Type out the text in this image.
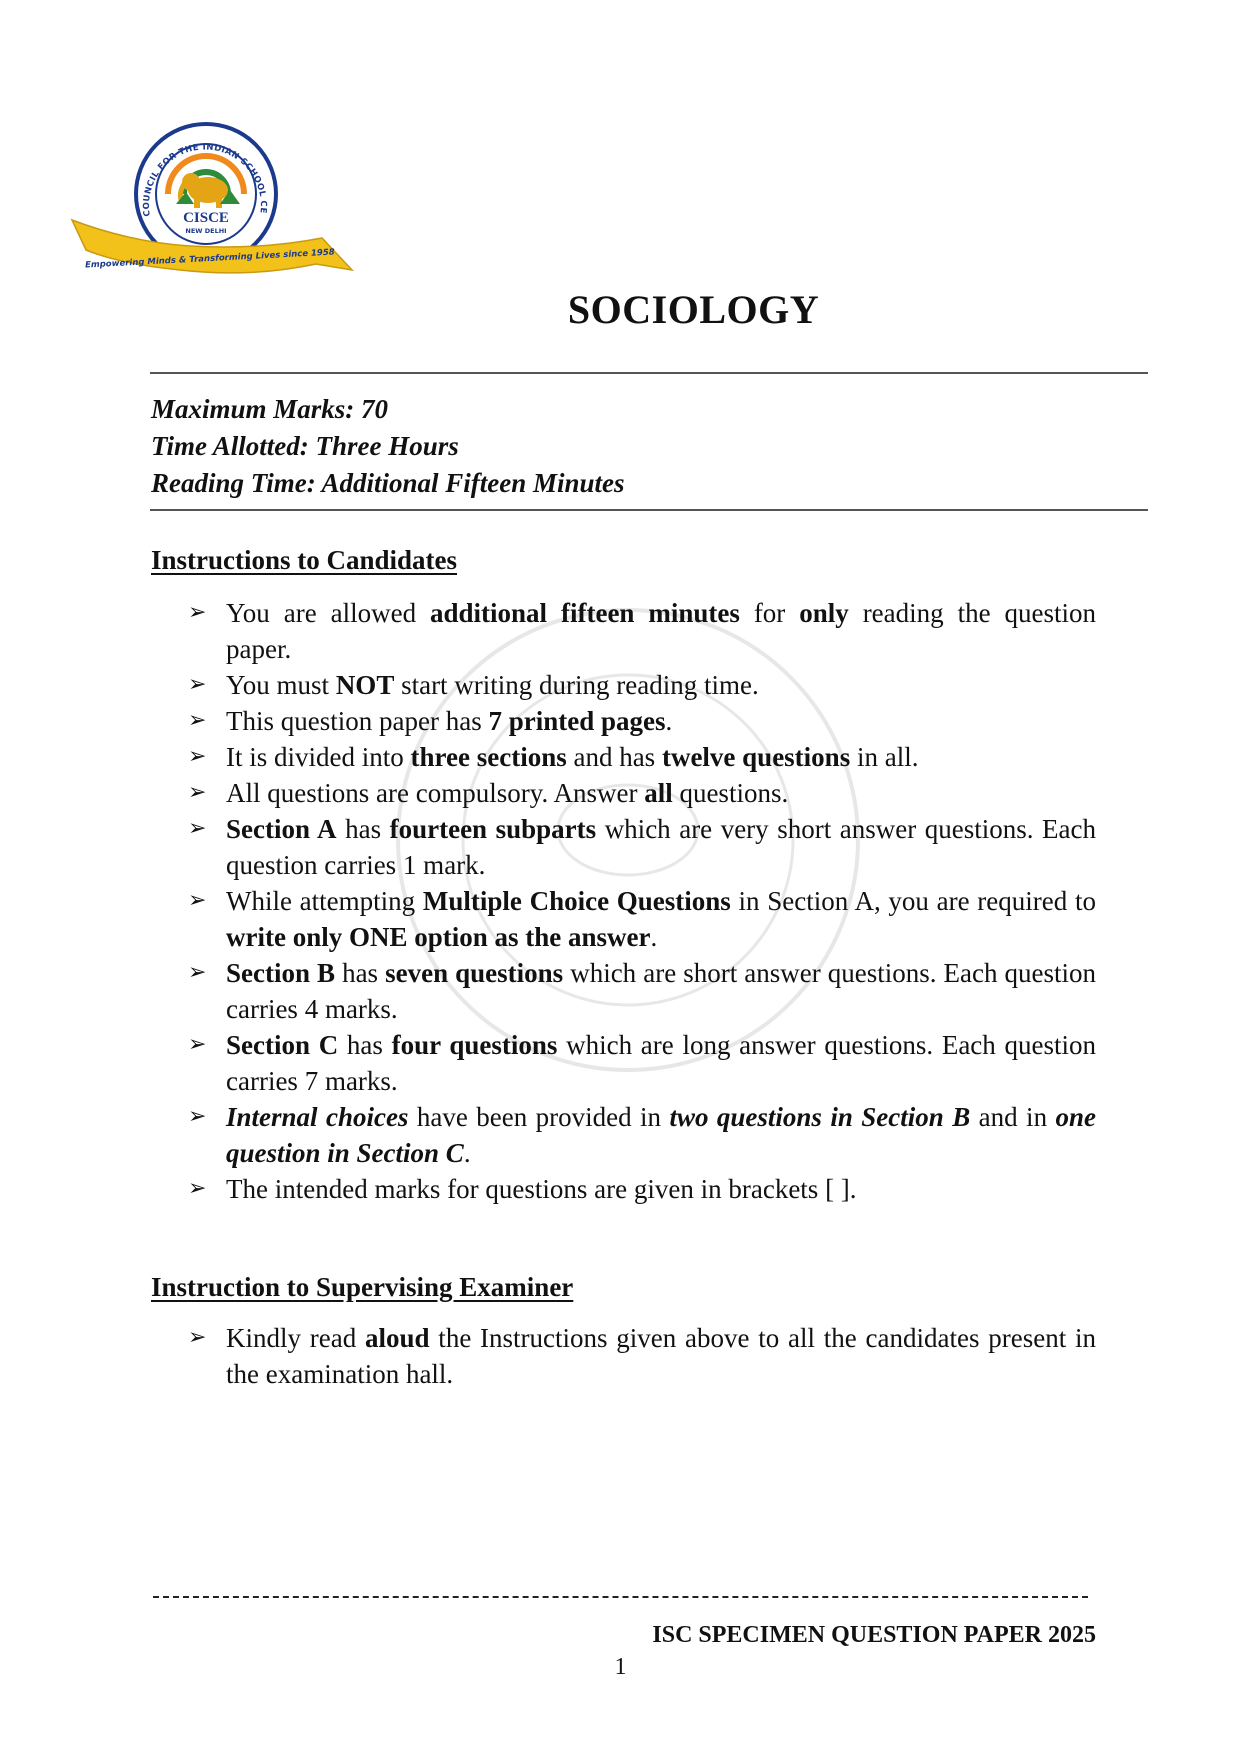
COUNCIL FOR THE INDIAN SCHOOL CE
CISCE
NEW DELHI
Empowering Minds & Transforming Lives since 1958
SOCIOLOGY
Maximum Marks: 70
Time Allotted: Three Hours
Reading Time: Additional Fifteen Minutes
Instructions to Candidates
➢ You are allowed additional fifteen minutes for only reading the question paper.
➢ You must NOT start writing during reading time.
➢ This question paper has 7 printed pages.
➢ It is divided into three sections and has twelve questions in all.
➢ All questions are compulsory. Answer all questions.
➢ Section A has fourteen subparts which are very short answer questions. Each question carries 1 mark.
➢ While attempting Multiple Choice Questions in Section A, you are required to write only ONE option as the answer.
➢ Section B has seven questions which are short answer questions. Each question carries 4 marks.
➢ Section C has four questions which are long answer questions. Each question carries 7 marks.
➢ Internal choices have been provided in two questions in Section B and in one question in Section C.
➢ The intended marks for questions are given in brackets [ ].
Instruction to Supervising Examiner
➢ Kindly read aloud the Instructions given above to all the candidates present in the examination hall.
ISC SPECIMEN QUESTION PAPER 2025
1
